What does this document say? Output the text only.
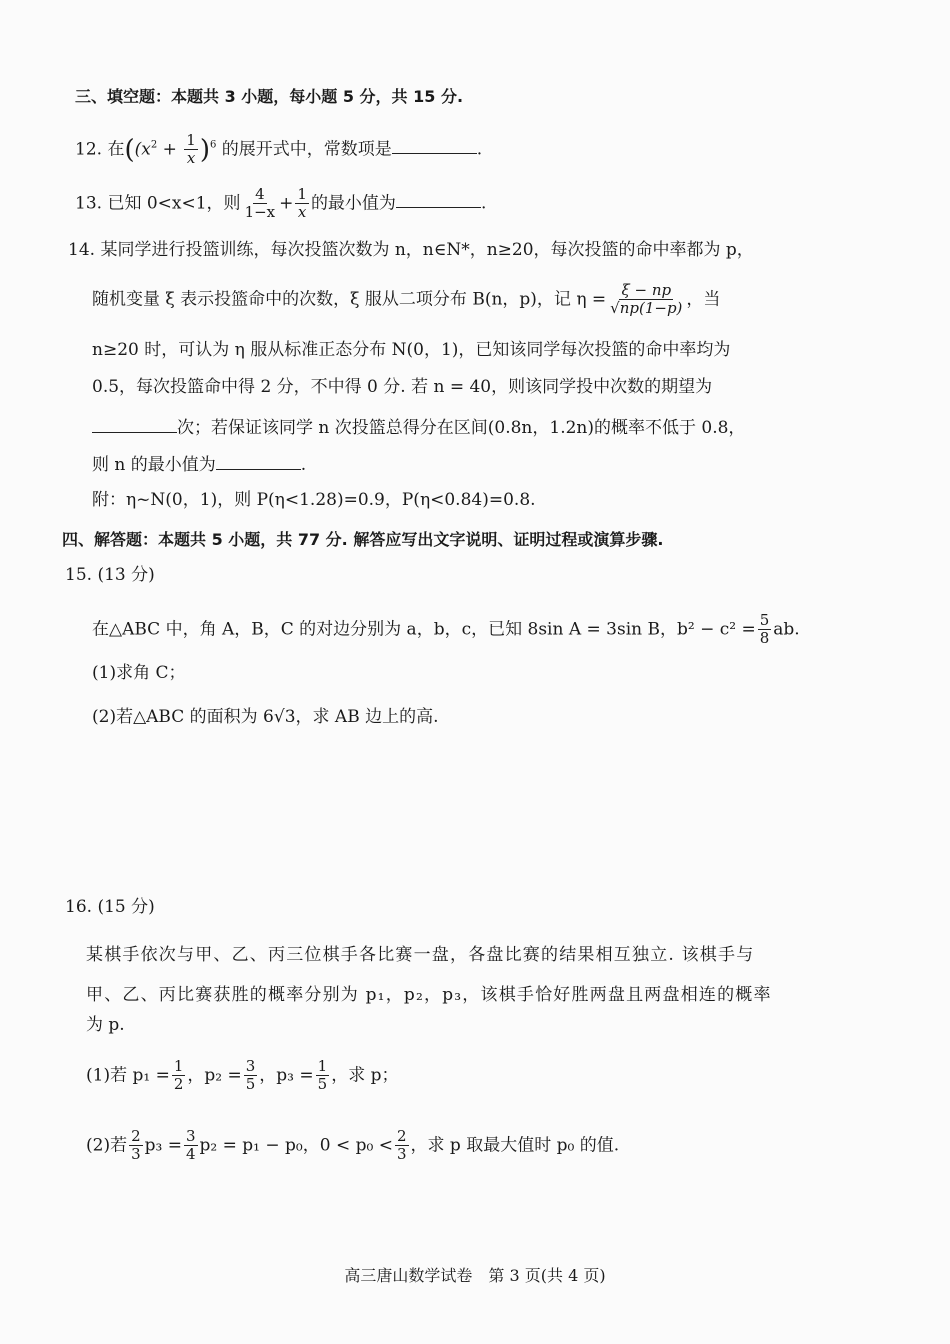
三、填空题：本题共 3 小题，每小题 5 分，共 15 分.
12. 在($(x^2 + \frac{1}{x} )^6$ 的展开式中，常数项是	.
13. 已知 0<x<1，则 $\frac{4}{1-x} + \frac{1}{x}$ 的最小值为	.
14. 某同学进行投篮训练，每次投篮次数为 n，n∈N*，n≥20，每次投篮的命中率都为 p，
随机变量 ξ 表示投篮命中的次数，ξ 服从二项分布 B(n，p)，记 $\eta = \frac{\xi - np}{√np(1-p)}$ ，当
n≥20 时，可认为 η 服从标准正态分布 N(0，1)，已知该同学每次投篮的命中率均为
0.5，每次投篮命中得 2 分，不中得 0 分. 若 n = 40，则该同学投中次数的期望为
次；若保证该同学 n 次投篮总得分在区间(0.8n，1.2n)的概率不低于 0.8，
则 n 的最小值为	.
附：η~N(0，1)，则 P(η<1.28)=0.9，P(η<0.84)=0.8.
四、解答题：本题共 5 小题，共 77 分. 解答应写出文字说明、证明过程或演算步骤.
15. (13 分)
在△ABC 中，角 A，B，C 的对边分别为 a，b，c，已知 8sin A = 3sin B，$b^2 - c^2 = \frac{5}{8}$ ab.
(1)求角 C；
(2)若△ABC 的面积为 6√3，求 AB 边上的高.
16. (15 分)
某棋手依次与甲、乙、丙三位棋手各比赛一盘，各盘比赛的结果相互独立. 该棋手与
甲、乙、丙比赛获胜的概率分别为 p₁，p₂，p₃，该棋手恰好胜两盘且两盘相连的概率
为 p.
(1)若 $p_1 = \frac{1}{2}$ ，$p_2 = \frac{3}{5}$ ，$p_3 = \frac{1}{5}$ ，求 p；
(2)若 $\frac{2}{3} p_3 = \frac{3}{4} p_2 = p_1 - p_0$，$0 < p_0 < \frac{2}{3}$ ，求 p 取最大值时 p₀ 的值.
高三唐山数学试卷　第 3 页(共 4 页)
